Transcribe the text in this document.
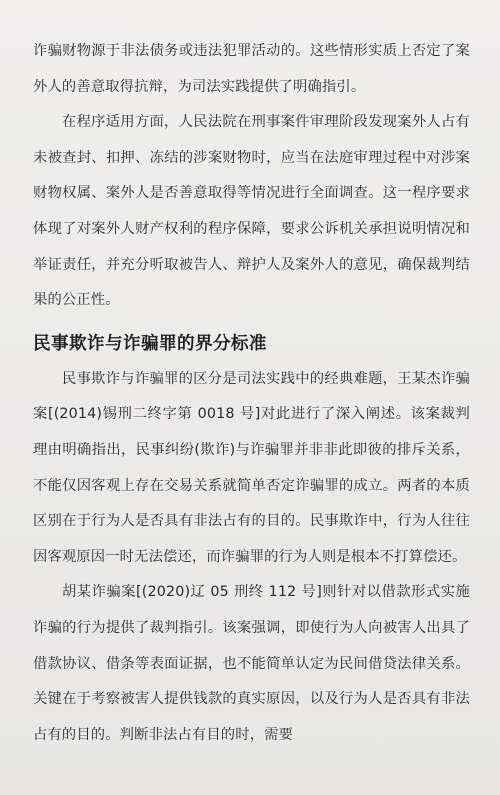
诈骗财物源于非法债务或违法犯罪活动的。这些情形实质上否定了案外人的善意取得抗辩，为司法实践提供了明确指引。

在程序适用方面，人民法院在刑事案件审理阶段发现案外人占有未被查封、扣押、冻结的涉案财物时，应当在法庭审理过程中对涉案财物权属、案外人是否善意取得等情况进行全面调查。这一程序要求体现了对案外人财产权利的程序保障，要求公诉机关承担说明情况和举证责任，并充分听取被告人、辩护人及案外人的意见，确保裁判结果的公正性。

民事欺诈与诈骗罪的界分标准

民事欺诈与诈骗罪的区分是司法实践中的经典难题，王某杰诈骗案[(2014)锡刑二终字第 0018 号]对此进行了深入阐述。该案裁判理由明确指出，民事纠纷(欺诈)与诈骗罪并非非此即彼的排斥关系，不能仅因客观上存在交易关系就简单否定诈骗罪的成立。两者的本质区别在于行为人是否具有非法占有的目的。民事欺诈中，行为人往往因客观原因一时无法偿还，而诈骗罪的行为人则是根本不打算偿还。

胡某诈骗案[(2020)辽 05 刑终 112 号]则针对以借款形式实施诈骗的行为提供了裁判指引。该案强调，即使行为人向被害人出具了借款协议、借条等表面证据，也不能简单认定为民间借贷法律关系。关键在于考察被害人提供钱款的真实原因，以及行为人是否具有非法占有的目的。判断非法占有目的时，需要
